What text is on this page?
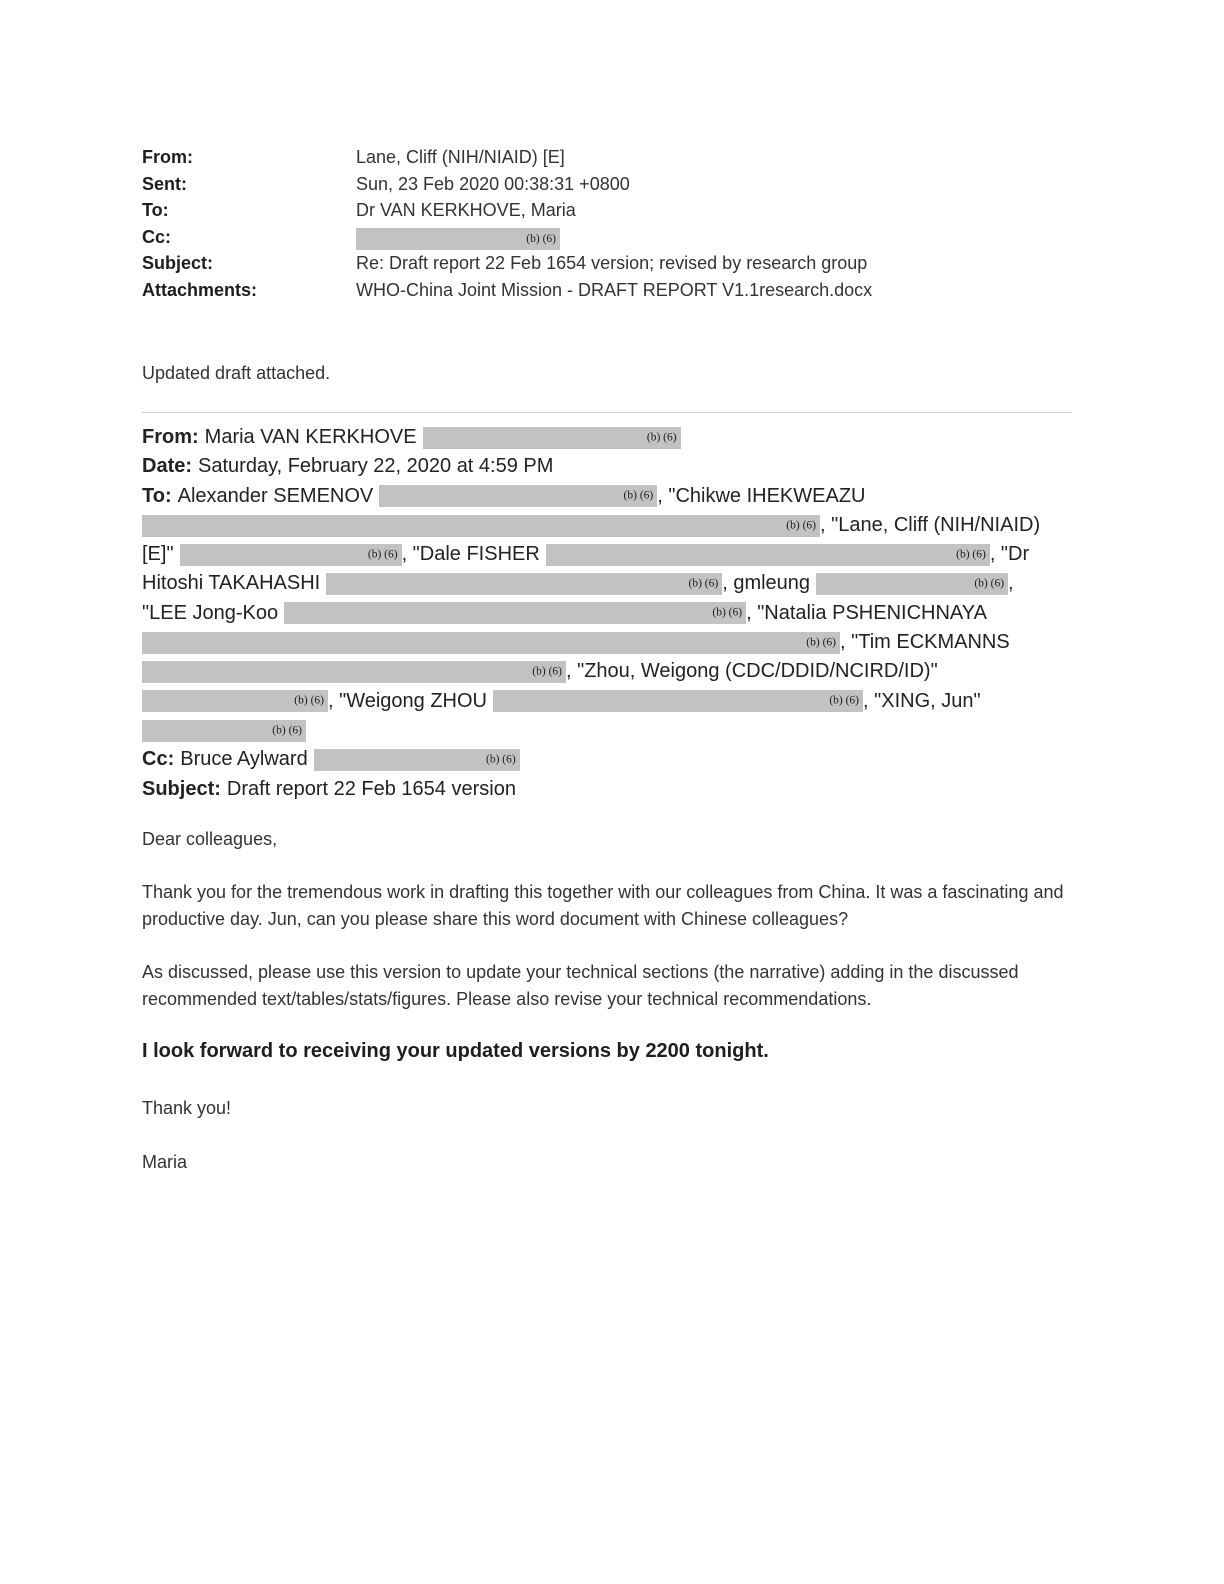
From:	Lane, Cliff (NIH/NIAID) [E]
Sent:	Sun, 23 Feb 2020 00:38:31 +0800
To:	Dr VAN KERKHOVE, Maria
Cc:	(b) (6)
Subject:	Re: Draft report 22 Feb 1654 version; revised by research group
Attachments:	WHO-China Joint Mission - DRAFT REPORT V1.1research.docx
Updated draft attached.
From: Maria VAN KERKHOVE	(b) (6)
Date: Saturday, February 22, 2020 at 4:59 PM
To: Alexander SEMENOV	(b) (6) , "Chikwe IHEKWEAZU
(b) (6) , "Lane, Cliff (NIH/NIAID)
[E]"	(b) (6) , "Dale FISHER	(b) (6) , "Dr
Hitoshi TAKAHASHI	(b) (6) , gmleung	(b) (6) ,
"LEE Jong-Koo	(b) (6) , "Natalia PSHENICHNAYA
(b) (6) , "Tim ECKMANNS
(b) (6) , "Zhou, Weigong (CDC/DDID/NCIRD/ID)"
(b) (6) , "Weigong ZHOU	(b) (6) , "XING, Jun"
(b) (6)
Cc: Bruce Aylward	(b) (6)
Subject: Draft report 22 Feb 1654 version
Dear colleagues,
Thank you for the tremendous work in drafting this together with our colleagues from China. It was a fascinating and productive day. Jun, can you please share this word document with Chinese colleagues?
As discussed, please use this version to update your technical sections (the narrative) adding in the discussed recommended text/tables/stats/figures. Please also revise your technical recommendations.
I look forward to receiving your updated versions by 2200 tonight.
Thank you!
Maria
